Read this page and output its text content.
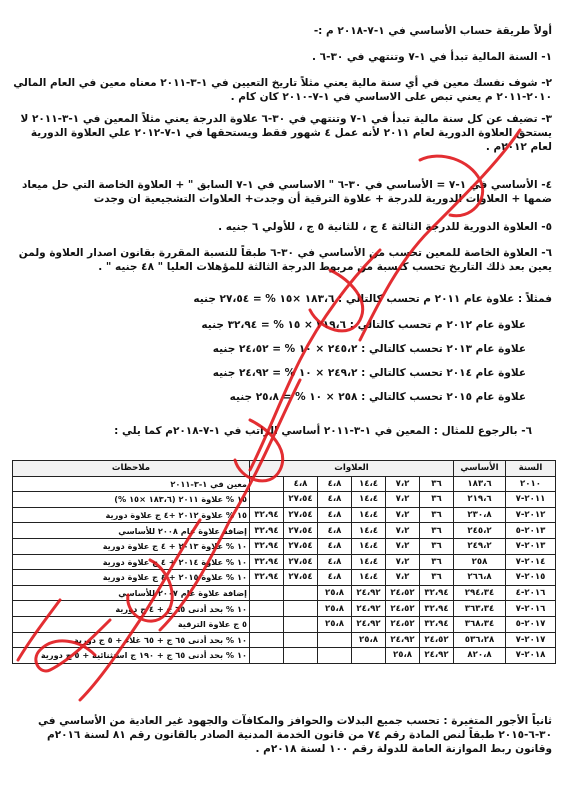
أولاً طريقة حساب الأساسي في ١-٧-٢٠١٨ م :-
١- السنة المالية تبدأ في ١-٧ وتنتهي في ٣٠-٦ .
٢- شوف نفسك معين في أي سنة مالية يعني مثلاً تاريخ التعيين في ١-٣-٢٠١١ معناه معين في العام المالي ٢٠١٠-٢٠١١ م يعني تبص على الاساسي في ١-٧-٢٠١٠ كان كام .
٣- تضيف عن كل سنة مالية تبدأ في ١-٧ وتنتهي في ٣٠-٦ علاوة الدرجة يعني مثلاً المعين في ١-٣-٢٠١١ لا يستحق العلاوة الدورية لعام ٢٠١١ لأنه عمل ٤ شهور فقط ويستحقها في ١-٧-٢٠١٢ علي العلاوة الدورية لعام ٢٠١٢م .
٤- الأساسي في ١-٧ = الأساسي في ٣٠-٦ " الاساسي في ١-٧ السابق " + العلاوة الخاصة التي حل ميعاد ضمها + العلاوات الدورية للدرجة + علاوة الترقية أن وجدت+ العلاوات التشجيعية ان وجدت
٥- العلاوة الدورية للدرجة الثالثة ٤ ج ، للثانية ٥ ج ، للأولي ٦ جنيه .
٦- العلاوة الخاصة للمعين تحسب من الأساسي في ٣٠-٦ طبقاً للنسبة المقررة بقانون اصدار العلاوة ولمن يعين بعد ذلك التاريخ تحسب كنسبة من مربوط الدرجة الثالثة للمؤهلات العليا " ٤٨ جنيه " .
فمثلاً : علاوة عام ٢٠١١ م تحسب كالتالي : ١٨٣،٦ ×١٥ % = ٢٧،٥٤ جنيه
علاوة عام ٢٠١٢ م تحسب كالتالي : ٢١٩،٦ × ١٥ % = ٣٢،٩٤ جنيه
علاوة عام ٢٠١٣ تحسب كالتالي : ٢٤٥،٢ × ١٠ % = ٢٤،٥٢ جنيه
علاوة عام ٢٠١٤ تحسب كالتالي : ٢٤٩،٢ × ١٠ % = ٢٤،٩٢ جنيه
علاوة عام ٢٠١٥ تحسب كالتالي : ٢٥٨ × ١٠ % = ٢٥،٨ جنيه
٦- بالرجوع للمثال : المعين في ١-٣-٢٠١١ أساسي الراتب في ١-٧-٢٠١٨م كما يلي :
السنة	الأساسي	العلاوات						ملاحظات
٢٠١٠	١٨٣،٦	٣٦	٧،٢	١٤،٤	٤،٨	٤،٨		معين في ١-٣-٢٠١١
٢٠١١-٧	٢١٩،٦	٣٦	٧،٢	١٤،٤	٤،٨	٢٧،٥٤		١٥ % علاوة ٢٠١١ (١٨٣،٦ ×١٥ %)
٢٠١٢-٧	٢٣٠،٨	٣٦	٧،٢	١٤،٤	٤،٨	٢٧،٥٤	٣٢،٩٤	١٥ % علاوة ٢٠١٢ +٤ ج علاوة دورية
٢٠١٣-٥	٢٤٥،٢	٣٦	٧،٢	١٤،٤	٤،٨	٢٧،٥٤	٣٢،٩٤	إضافة علاوة عام ٢٠٠٨ للأساسي
٢٠١٣-٧	٢٤٩،٢	٣٦	٧،٢	١٤،٤	٤،٨	٢٧،٥٤	٣٢،٩٤	١٠ % علاوة ٢٠١٣ + ٤ ج علاوة دورية
٢٠١٤-٧	٢٥٨	٣٦	٧،٢	١٤،٤	٤،٨	٢٧،٥٤	٣٢،٩٤	١٠ % علاوة ٢٠١٤ + ٤ ج علاوة دورية
٢٠١٥-٧	٢٦٦،٨	٣٦	٧،٢	١٤،٤	٤،٨	٢٧،٥٤	٣٢،٩٤	١٠ % علاوة ٢٠١٥ + ٤ ج علاوة دورية
٢٠١٦-٤	٢٩٤،٣٤	٣٢،٩٤	٢٤،٥٢	٢٤،٩٢	٢٥،٨			إضافة علاوة عام ٢٠٠٧ للأساسي
٢٠١٦-٧	٣٦٣،٣٤	٣٢،٩٤	٢٤،٥٢	٢٤،٩٢	٢٥،٨			١٠ % بحد أدنى ٦٥ ج + ٤ ج دورية
٢٠١٧-٥	٣٦٨،٣٤	٣٢،٩٤	٢٤،٥٢	٢٤،٩٢	٢٥،٨			٥ ج علاوة الترقية
٢٠١٧-٧	٥٣٦،٢٨	٢٤،٥٢	٢٤،٩٢	٢٥،٨				١٠ % بحد أدنى ٦٥ ج + ٦٥ غلاء + ٥ ج دورية
٢٠١٨-٧	٨٢٠،٨	٢٤،٩٢	٢٥،٨					١٠ % بحد أدنى ٦٥ ج + ١٩٠ ج استثنائية + ٥ ج دورية
ثانياً الأجور المتغيرة : تحسب جميع البدلات والحوافز والمكافآت والجهود غير العادية من الأساسي في ٣٠-٦-٢٠١٥ طبقاً لنص المادة رقم ٧٤ من قانون الخدمة المدنية الصادر بالقانون رقم ٨١ لسنة ٢٠١٦م وقانون ربط الموازنة العامة للدولة رقم ١٠٠ لسنة ٢٠١٨م .
